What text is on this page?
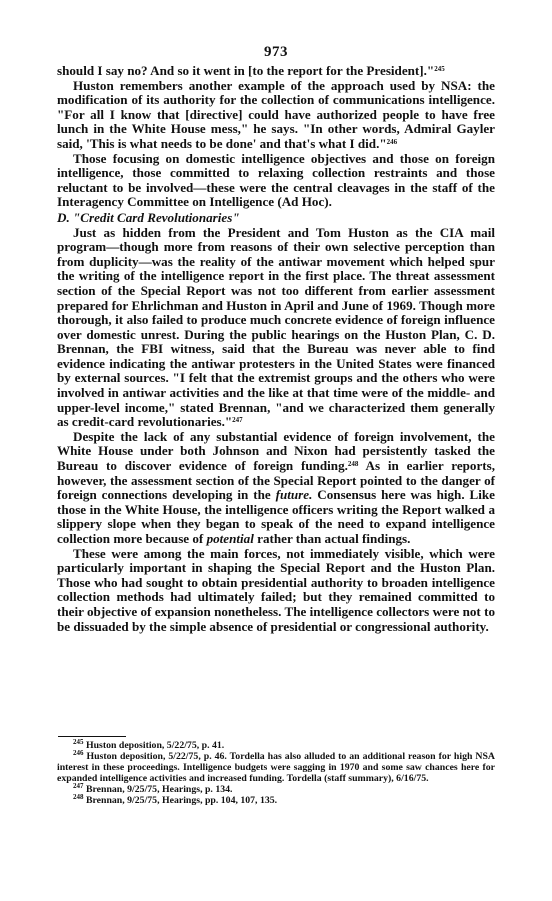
973

should I say no? And so it went in [to the report for the President]."$^{245}$

Huston remembers another example of the approach used by NSA: the modification of its authority for the collection of communications intelligence. "For all I know that [directive] could have authorized people to have free lunch in the White House mess," he says. "In other words, Admiral Gayler said, 'This is what needs to be done' and that's what I did."$^{246}$

Those focusing on domestic intelligence objectives and those on foreign intelligence, those committed to relaxing collection restraints and those reluctant to be involved—these were the central cleavages in the staff of the Interagency Committee on Intelligence (Ad Hoc).

D. "Credit Card Revolutionaries"

Just as hidden from the President and Tom Huston as the CIA mail program—though more from reasons of their own selective perception than from duplicity—was the reality of the antiwar movement which helped spur the writing of the intelligence report in the first place. The threat assessment section of the Special Report was not too different from earlier assessment prepared for Ehrlichman and Huston in April and June of 1969. Though more thorough, it also failed to produce much concrete evidence of foreign influence over domestic unrest. During the public hearings on the Huston Plan, C. D. Brennan, the FBI witness, said that the Bureau was never able to find evidence indicating the antiwar protesters in the United States were financed by external sources. "I felt that the extremist groups and the others who were involved in antiwar activities and the like at that time were of the middle- and upper-level income," stated Brennan, "and we characterized them generally as credit-card revolutionaries."$^{247}$

Despite the lack of any substantial evidence of foreign involvement, the White House under both Johnson and Nixon had persistently tasked the Bureau to discover evidence of foreign funding.$^{248}$ As in earlier reports, however, the assessment section of the Special Report pointed to the danger of foreign connections developing in the future. Consensus here was high. Like those in the White House, the intelligence officers writing the Report walked a slippery slope when they began to speak of the need to expand intelligence collection more because of potential rather than actual findings.

These were among the main forces, not immediately visible, which were particularly important in shaping the Special Report and the Huston Plan. Those who had sought to obtain presidential authority to broaden intelligence collection methods had ultimately failed; but they remained committed to their objective of expansion nonetheless. The intelligence collectors were not to be dissuaded by the simple absence of presidential or congressional authority.

$^{245}$ Huston deposition, 5/22/75, p. 41.

$^{246}$ Huston deposition, 5/22/75, p. 46. Tordella has also alluded to an additional reason for high NSA interest in these proceedings. Intelligence budgets were sagging in 1970 and some saw chances here for expanded intelligence activities and increased funding. Tordella (staff summary), 6/16/75.

$^{247}$ Brennan, 9/25/75, Hearings, p. 134.

$^{248}$ Brennan, 9/25/75, Hearings, pp. 104, 107, 135.
